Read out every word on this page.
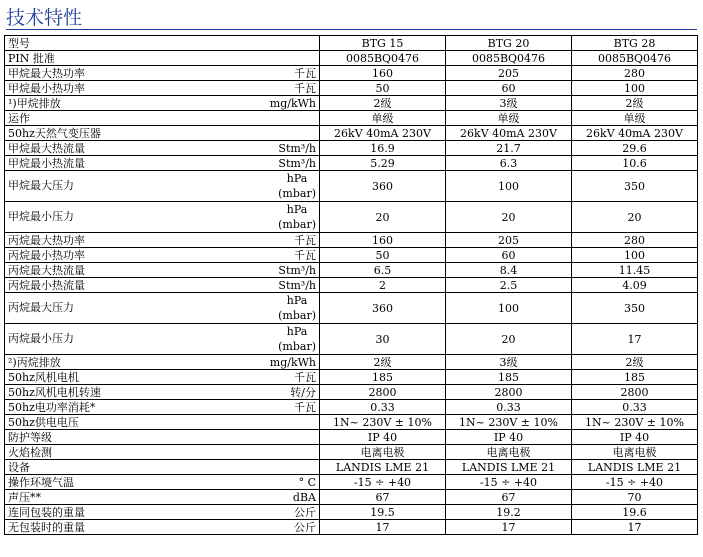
技术特性
型号	BTG 15	BTG 20	BTG 28

PIN 批准	0085BQ0476	0085BQ0476	0085BQ0476

甲烷最大热功率 千瓦	160	205	280

甲烷最小热功率 千瓦	50	60	100

¹)甲烷排放 mg/kWh	2级	3级	2级

运作	单级	单级	单级

50hz天然气变压器	26kV 40mA 230V	26kV 40mA 230V	26kV 40mA 230V

甲烷最大热流量 Stm³/h	16.9	21.7	29.6

甲烷最小热流量 Stm³/h	5.29	6.3	10.6

甲烷最大压力
hPa
(mbar)	360	100	350

甲烷最小压力
hPa
(mbar)	20	20	20

丙烷最大热功率 千瓦	160	205	280

丙烷最小热功率 千瓦	50	60	100

丙烷最大热流量 Stm³/h	6.5	8.4	11.45

丙烷最小热流量 Stm³/h	2	2.5	4.09

丙烷最大压力
hPa
(mbar)	360	100	350

丙烷最小压力
hPa
(mbar)	30	20	17

²)丙烷排放 mg/kWh	2级	3级	2级

50hz风机电机 千瓦	185	185	185

50hz风机电机转速 转/分	2800	2800	2800

50hz电功率消耗* 千瓦	0.33	0.33	0.33

50hz供电电压	1N~ 230V ± 10%	1N~ 230V ± 10%	1N~ 230V ± 10%

防护等级	IP 40	IP 40	IP 40

火焰检测	电离电极	电离电极	电离电极

设备	LANDIS LME 21	LANDIS LME 21	LANDIS LME 21

操作环境气温 ° C	-15 ÷ +40	-15 ÷ +40	-15 ÷ +40

声压** dBA	67	67	70

连同包装的重量 公斤	19.5	19.2	19.6

无包装时的重量 公斤	17	17	17
